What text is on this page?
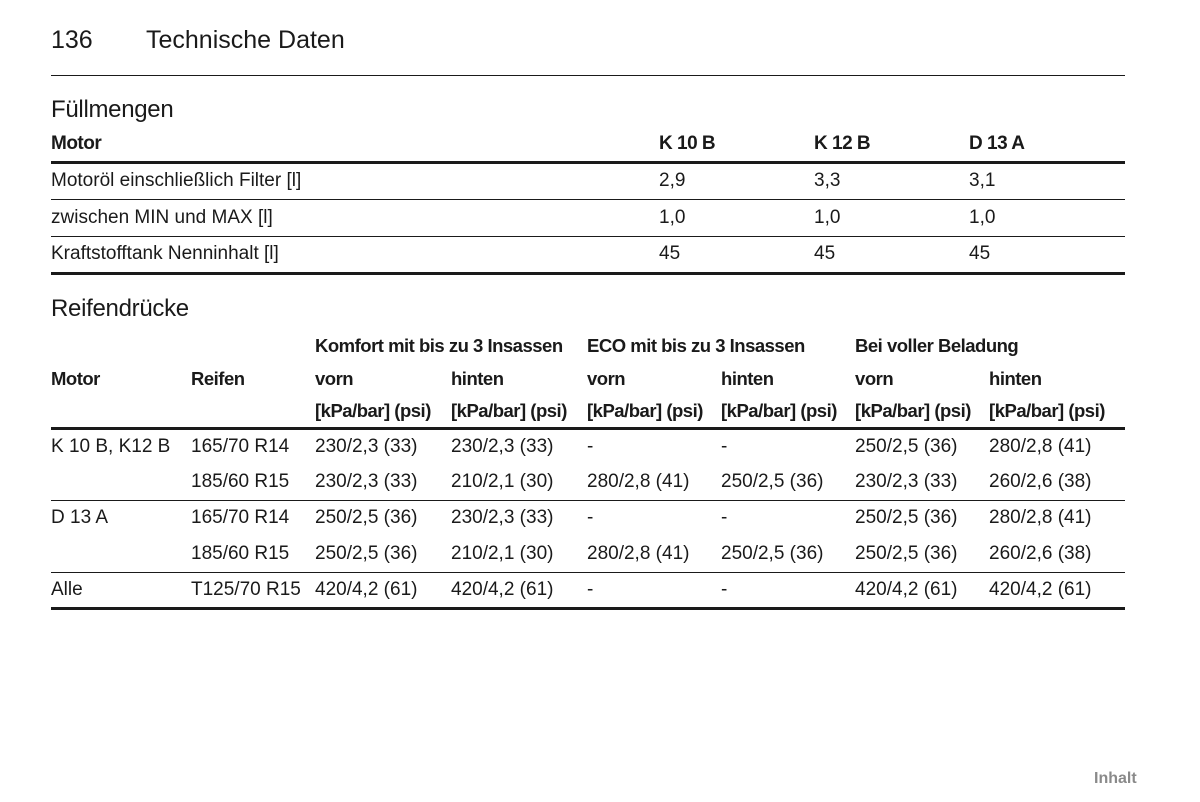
136 Technische Daten
Füllmengen
Motor	K 10 B	K 12 B	D 13 A
Motoröl einschließlich Filter [l]	2,9	3,3	3,1
zwischen MIN und MAX [l]	1,0	1,0	1,0
Kraftstofftank Nenninhalt [l]	45	45	45
Reifendrücke
		Komfort mit bis zu 3 Insassen		ECO mit bis zu 3 Insassen		Bei voller Beladung	
Motor	Reifen	vorn	hinten	vorn	hinten	vorn	hinten
		[kPa/bar] (psi)	[kPa/bar] (psi)	[kPa/bar] (psi)	[kPa/bar] (psi)	[kPa/bar] (psi)	[kPa/bar] (psi)
K 10 B, K12 B	165/70 R14	230/2,3 (33)	230/2,3 (33)	-	-	250/2,5 (36)	280/2,8 (41)
	185/60 R15	230/2,3 (33)	210/2,1 (30)	280/2,8 (41)	250/2,5 (36)	230/2,3 (33)	260/2,6 (38)
D 13 A	165/70 R14	250/2,5 (36)	230/2,3 (33)	-	-	250/2,5 (36)	280/2,8 (41)
	185/60 R15	250/2,5 (36)	210/2,1 (30)	280/2,8 (41)	250/2,5 (36)	250/2,5 (36)	260/2,6 (38)
Alle	T125/70 R15	420/4,2 (61)	420/4,2 (61)	-	-	420/4,2 (61)	420/4,2 (61)
Inhalt
